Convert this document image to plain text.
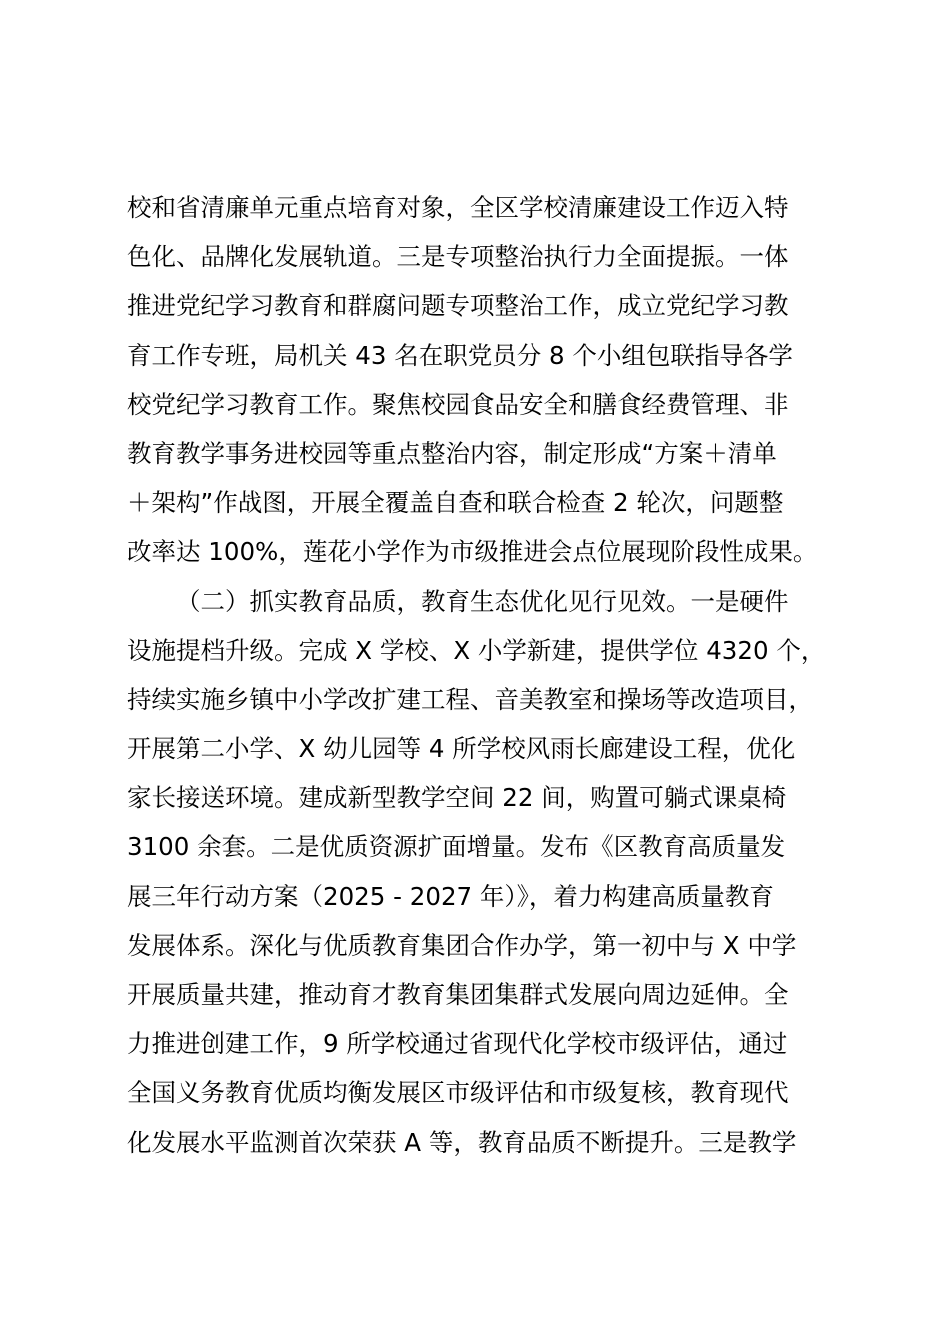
校和省清廉单元重点培育对象，全区学校清廉建设工作迈入特
色化、品牌化发展轨道。三是专项整治执行力全面提振。一体
推进党纪学习教育和群腐问题专项整治工作，成立党纪学习教
育工作专班，局机关 43 名在职党员分 8 个小组包联指导各学
校党纪学习教育工作。聚焦校园食品安全和膳食经费管理、非
教育教学事务进校园等重点整治内容，制定形成“方案＋清单
＋架构”作战图，开展全覆盖自查和联合检查 2 轮次，问题整
改率达 100%，莲花小学作为市级推进会点位展现阶段性成果。
（二）抓实教育品质，教育生态优化见行见效。一是硬件
设施提档升级。完成 X 学校、X 小学新建，提供学位 4320 个，
持续实施乡镇中小学改扩建工程、音美教室和操场等改造项目，
开展第二小学、X 幼儿园等 4 所学校风雨长廊建设工程，优化
家长接送环境。建成新型教学空间 22 间，购置可躺式课桌椅
3100 余套。二是优质资源扩面增量。发布《区教育高质量发
展三年行动方案（2025 - 2027 年）》，着力构建高质量教育
发展体系。深化与优质教育集团合作办学，第一初中与 X 中学
开展质量共建，推动育才教育集团集群式发展向周边延伸。全
力推进创建工作，9 所学校通过省现代化学校市级评估，通过
全国义务教育优质均衡发展区市级评估和市级复核，教育现代
化发展水平监测首次荣获 A 等，教育品质不断提升。三是教学
